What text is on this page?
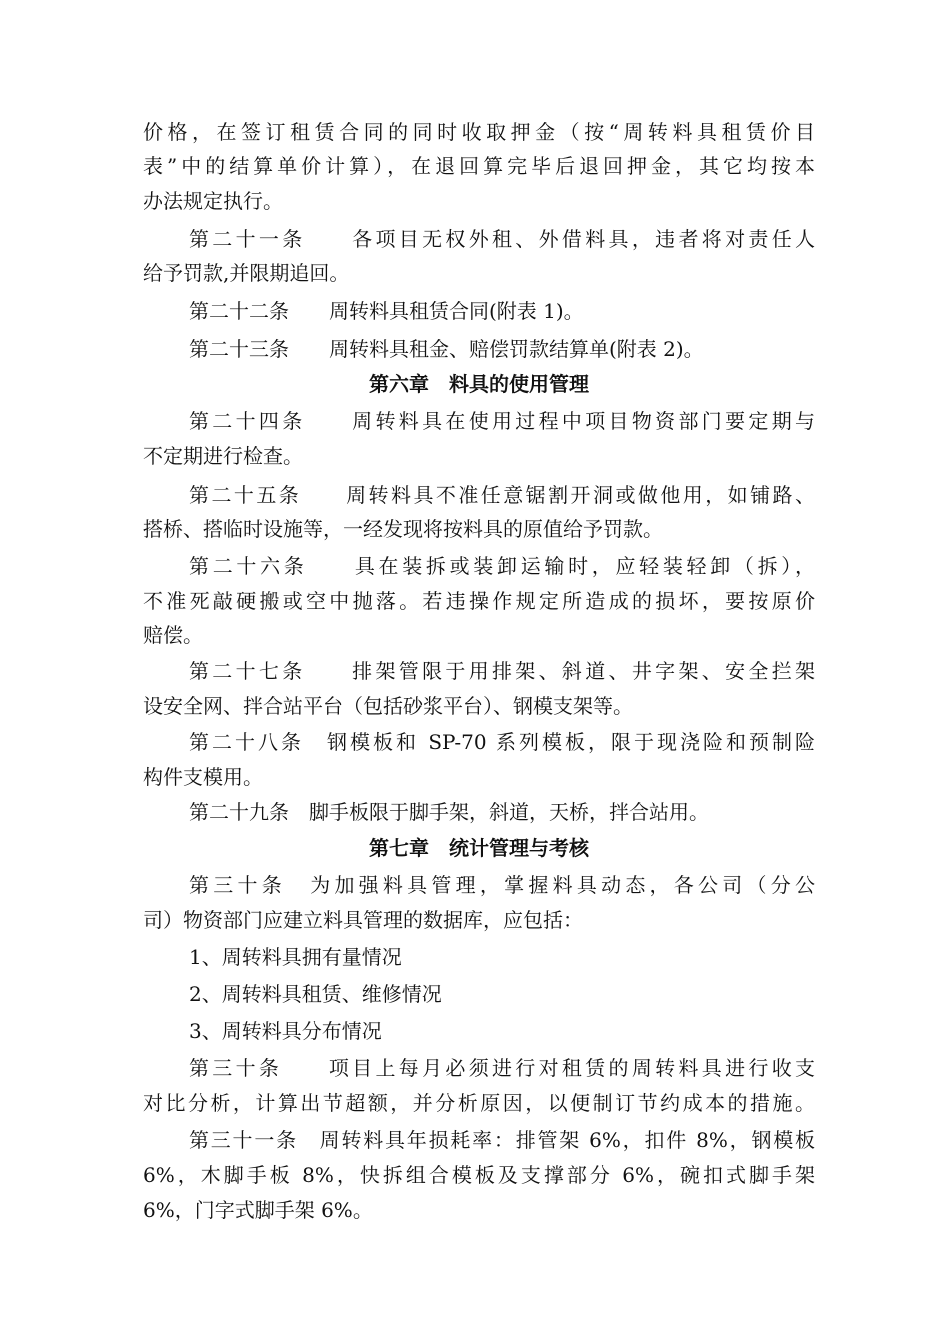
价格，在签订租赁合同的同时收取押金（按“周转料具租赁价目
表”中的结算单价计算），在退回算完毕后退回押金，其它均按本
办法规定执行。
第二十一条　　各项目无权外租、外借料具，违者将对责任人
给予罚款,并限期追回。
第二十二条　　周转料具租赁合同(附表 1)。
第二十三条　　周转料具租金、赔偿罚款结算单(附表 2)。
第六章　料具的使用管理
第二十四条　　周转料具在使用过程中项目物资部门要定期与
不定期进行检查。
第二十五条　　周转料具不准任意锯割开洞或做他用，如铺路、
搭桥、搭临时设施等，一经发现将按料具的原值给予罚款。
第二十六条　　具在装拆或装卸运输时，应轻装轻卸（拆），
不准死敲硬搬或空中抛落。若违操作规定所造成的损坏，要按原价
赔偿。
第二十七条　　排架管限于用排架、斜道、井字架、安全拦架
设安全网、拌合站平台（包括砂浆平台）、钢模支架等。
第二十八条　钢模板和 SP-70 系列模板，限于现浇险和预制险
构件支模用。
第二十九条　脚手板限于脚手架，斜道，天桥，拌合站用。
第七章　统计管理与考核
第三十条　为加强料具管理，掌握料具动态，各公司（分公
司）物资部门应建立料具管理的数据库，应包括：
1、周转料具拥有量情况
2、周转料具租赁、维修情况
3、周转料具分布情况
第三十条　　项目上每月必须进行对租赁的周转料具进行收支
对比分析，计算出节超额，并分析原因，以便制订节约成本的措施。
第三十一条　周转料具年损耗率：排管架 6%，扣件 8%，钢模板
6%，木脚手板 8%，快拆组合模板及支撑部分 6%，碗扣式脚手架
6%，门字式脚手架 6%。
